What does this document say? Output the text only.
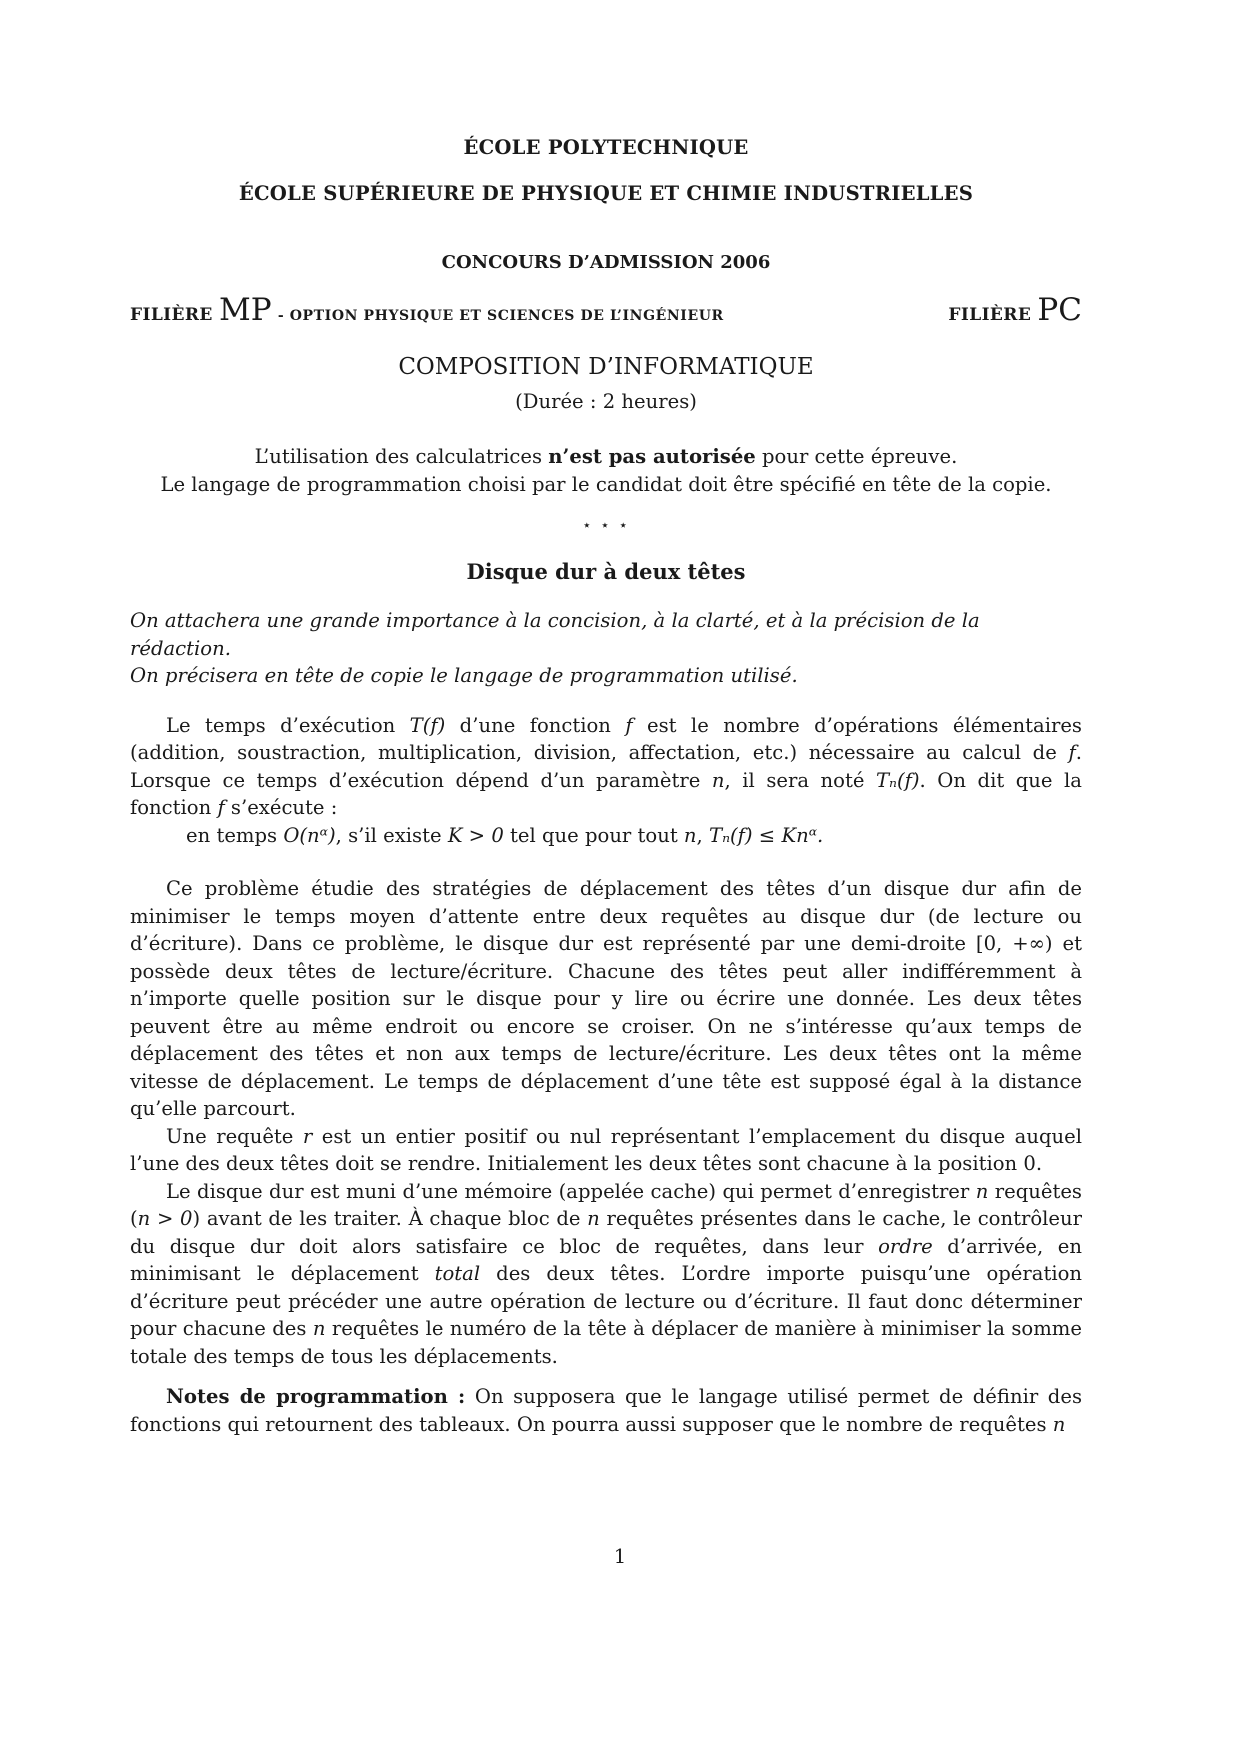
ÉCOLE POLYTECHNIQUE
ÉCOLE SUPÉRIEURE DE PHYSIQUE ET CHIMIE INDUSTRIELLES
CONCOURS D’ADMISSION 2006
FILIÈRE MP - OPTION PHYSIQUE ET SCIENCES DE L’INGÉNIEUR	FILIÈRE PC
COMPOSITION D’INFORMATIQUE
(Durée : 2 heures)
L’utilisation des calculatrices n’est pas autorisée pour cette épreuve.
Le langage de programmation choisi par le candidat doit être spécifié en tête de la copie.
⋆ ⋆ ⋆
Disque dur à deux têtes

On attachera une grande importance à la concision, à la clarté, et à la précision de la rédaction.

On précisera en tête de copie le langage de programmation utilisé.

Le temps d’exécution T(f) d’une fonction f est le nombre d’opérations élémentaires (addition, soustraction, multiplication, division, affectation, etc.) nécessaire au calcul de f. Lorsque ce temps d’exécution dépend d’un paramètre n, il sera noté Tₙ(f). On dit que la fonction f s’exécute :

en temps O(nᵅ), s’il existe K > 0 tel que pour tout n, Tₙ(f) ≤ Knᵅ.

Ce problème étudie des stratégies de déplacement des têtes d’un disque dur afin de minimiser le temps moyen d’attente entre deux requêtes au disque dur (de lecture ou d’écriture). Dans ce problème, le disque dur est représenté par une demi-droite [0, +∞) et possède deux têtes de lecture/écriture. Chacune des têtes peut aller indifféremment à n’importe quelle position sur le disque pour y lire ou écrire une donnée. Les deux têtes peuvent être au même endroit ou encore se croiser. On ne s’intéresse qu’aux temps de déplacement des têtes et non aux temps de lecture/écriture. Les deux têtes ont la même vitesse de déplacement. Le temps de déplacement d’une tête est supposé égal à la distance qu’elle parcourt.

Une requête r est un entier positif ou nul représentant l’emplacement du disque auquel l’une des deux têtes doit se rendre. Initialement les deux têtes sont chacune à la position 0.

Le disque dur est muni d’une mémoire (appelée cache) qui permet d’enregistrer n requêtes (n > 0) avant de les traiter. À chaque bloc de n requêtes présentes dans le cache, le contrôleur du disque dur doit alors satisfaire ce bloc de requêtes, dans leur ordre d’arrivée, en minimisant le déplacement total des deux têtes. L’ordre importe puisqu’une opération d’écriture peut précéder une autre opération de lecture ou d’écriture. Il faut donc déterminer pour chacune des n requêtes le numéro de la tête à déplacer de manière à minimiser la somme totale des temps de tous les déplacements.

Notes de programmation : On supposera que le langage utilisé permet de définir des fonctions qui retournent des tableaux. On pourra aussi supposer que le nombre de requêtes n

1
